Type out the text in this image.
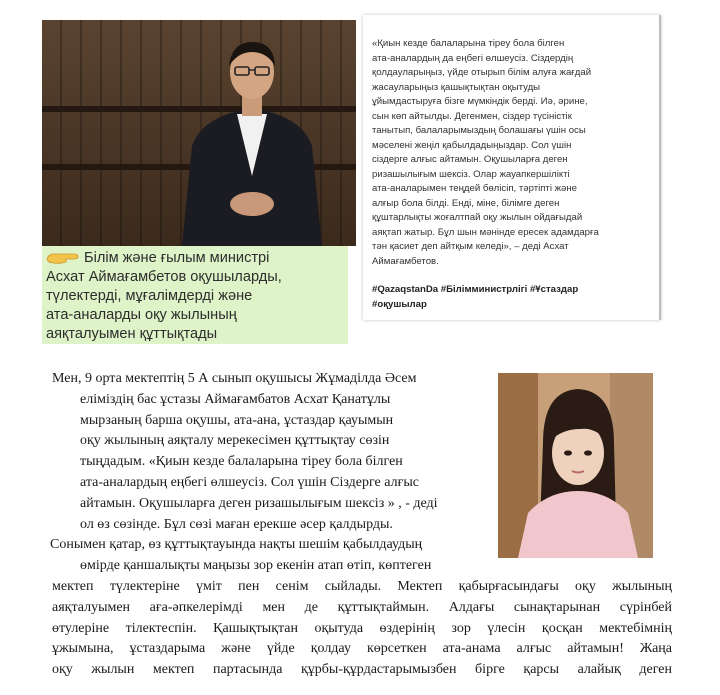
«Қиын кезде балаларына тіреу бола білген
ата-аналардың да еңбегі өлшеусіз. Сіздердің
қолдауларыңыз, үйде отырып білім алуға жағдай
жасауларыңыз қашықтықтан оқытуды
ұйымдастыруға бізге мүмкіндік берді. Иә, әрине,
сын көп айтылды. Дегенмен, сіздер түсіністік
танытып, балаларымыздың болашағы үшін осы
мәселені жеңіл қабылдадыңыздар. Сол үшін
сіздерге алғыс айтамын. Оқушыларға деген
ризашылығым шексіз. Олар жауапкершілікті
ата-аналарымен теңдей бөлісіп, тәртіпті және
алғыр бола білді. Енді, міне, білімге деген
құштарлықты жоғалтпай оқу жылын ойдағыдай
аяқтап жатыр. Бұл шын мәнінде ересек адамдарға
тән қасиет деп айтқым келеді», – деді Асхат
Аймағамбетов.

#QazaqstanDa #Білімминистрлігі #Ұстаздар
#оқушылар
Білім және ғылым министрі
Асхат Аймағамбетов оқушыларды,
түлектерді, мұғалімдерді және
ата-аналарды оқу жылының
аяқталуымен құттықтады
Мен, 9 орта мектептің 5 А сынып оқушысы Жұмаділда Әсем
еліміздің бас ұстазы Аймағамбатов Асхат Қанатұлы
мырзаның барша оқушы, ата-ана, ұстаздар қауымын
оқу жылының аяқталу мерекесімен құттықтау сөзін
тыңдадым. «Қиын кезде балаларына тіреу бола білген
ата-аналардың еңбегі өлшеусіз. Сол үшін Сіздерге алғыс
айтамын. Оқушыларға деген ризашылығым шексіз » , - деді
ол өз сөзінде. Бұл сөзі маған ерекше әсер қалдырды.
Сонымен қатар, өз құттықтауында нақты шешім қабылдаудың
өмірде қаншалықты маңызы зор екенін атап өтіп, көптеген
мектеп түлектеріне үміт пен сенім сыйлады. Мектеп қабырғасындағы оқу жылының
аяқталуымен аға-әпкелерімді мен де құттықтаймын. Алдағы сынақтарынан сүрінбей
өтулеріне тілектеспін. Қашықтықтан оқытуда өздерінің зор үлесін қосқан мектебімнің
ұжымына, ұстаздарыма және үйде қолдау көрсеткен ата-анама алғыс айтамын! Жаңа
оқу жылын мектеп партасында құрбы-құрдастарымызбен бірге қарсы алайық деген
